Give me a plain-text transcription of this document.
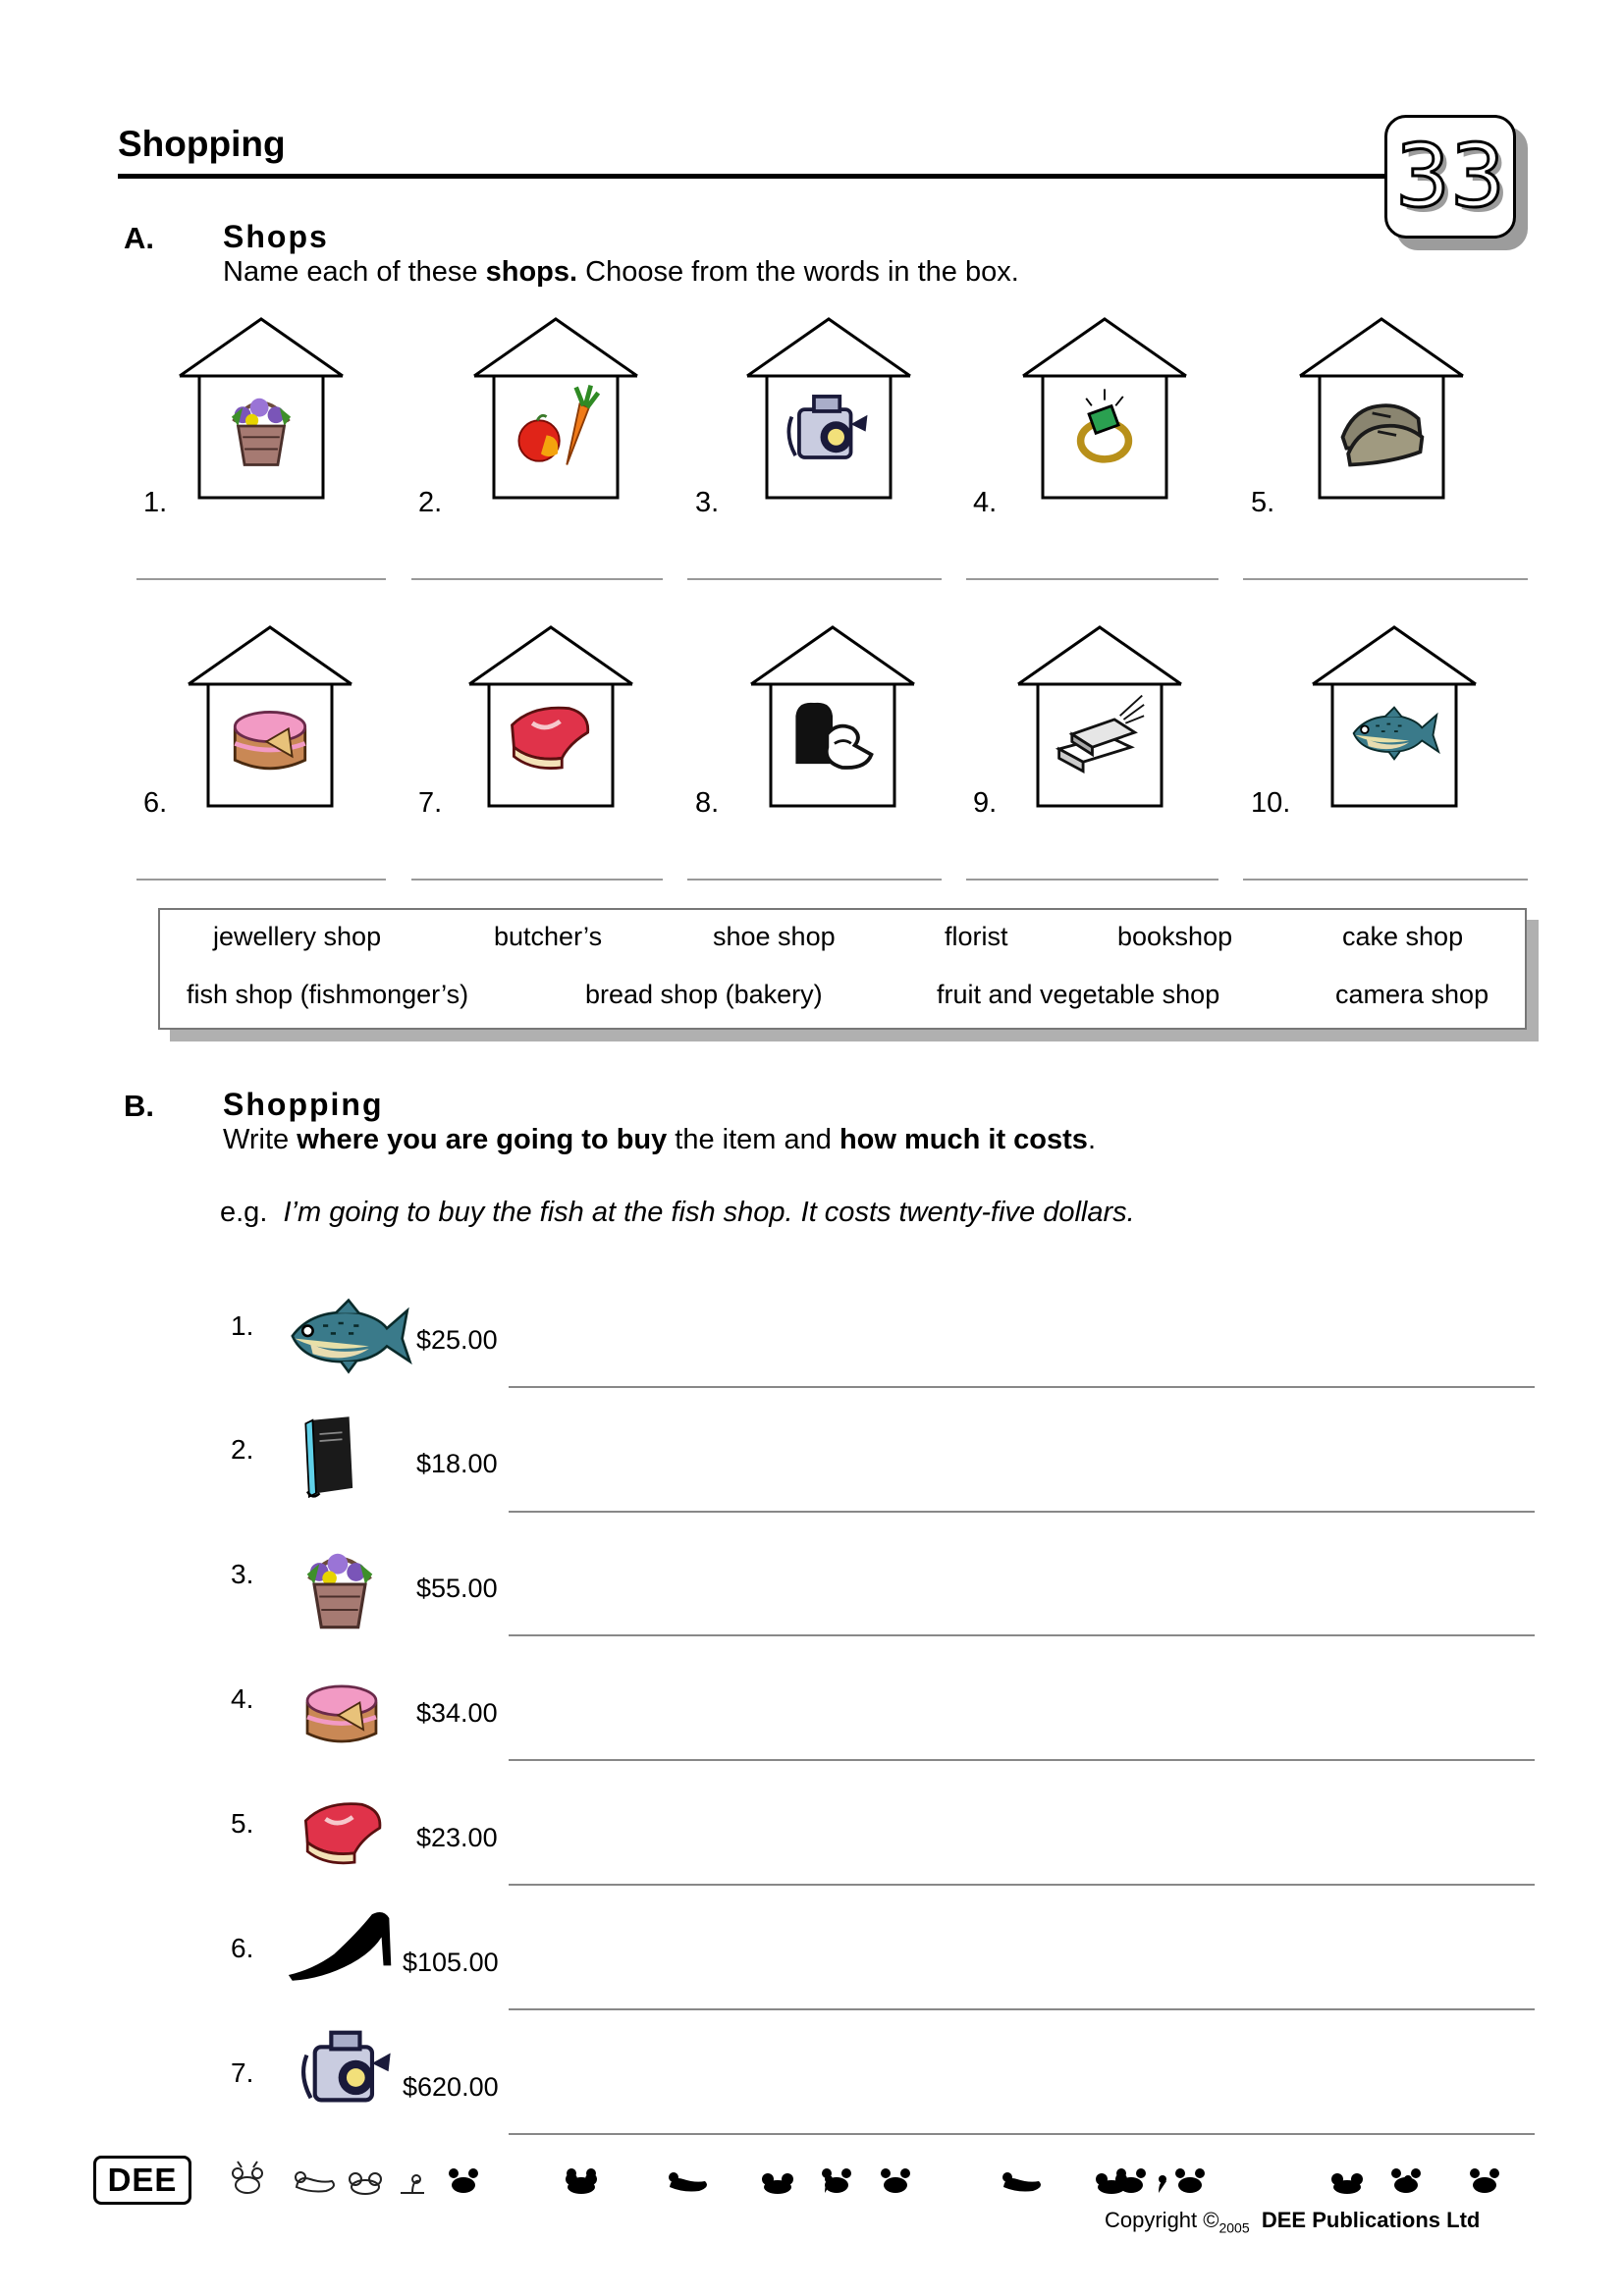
Shopping	33
A. Shops
Name each of these shops. Choose from the words in the box.
1.	2.	3.	4.	5.
6.	7.	8.	9.	10.
jewellery shop	butcher’s	shoe shop	florist	bookshop	cake shop
fish shop (fishmonger’s)	bread shop (bakery)	fruit and vegetable shop	camera shop
B. Shopping
Write where you are going to buy the item and how much it costs.
e.g.  I’m going to buy the fish at the fish shop. It costs twenty-five dollars.
1.	$25.00
2.	$18.00
3.	$55.00
4.	$34.00
5.	$23.00
6.	$105.00
7.	$620.00
DEE
Copyright $©_{2005}$ DEE Publications Ltd
